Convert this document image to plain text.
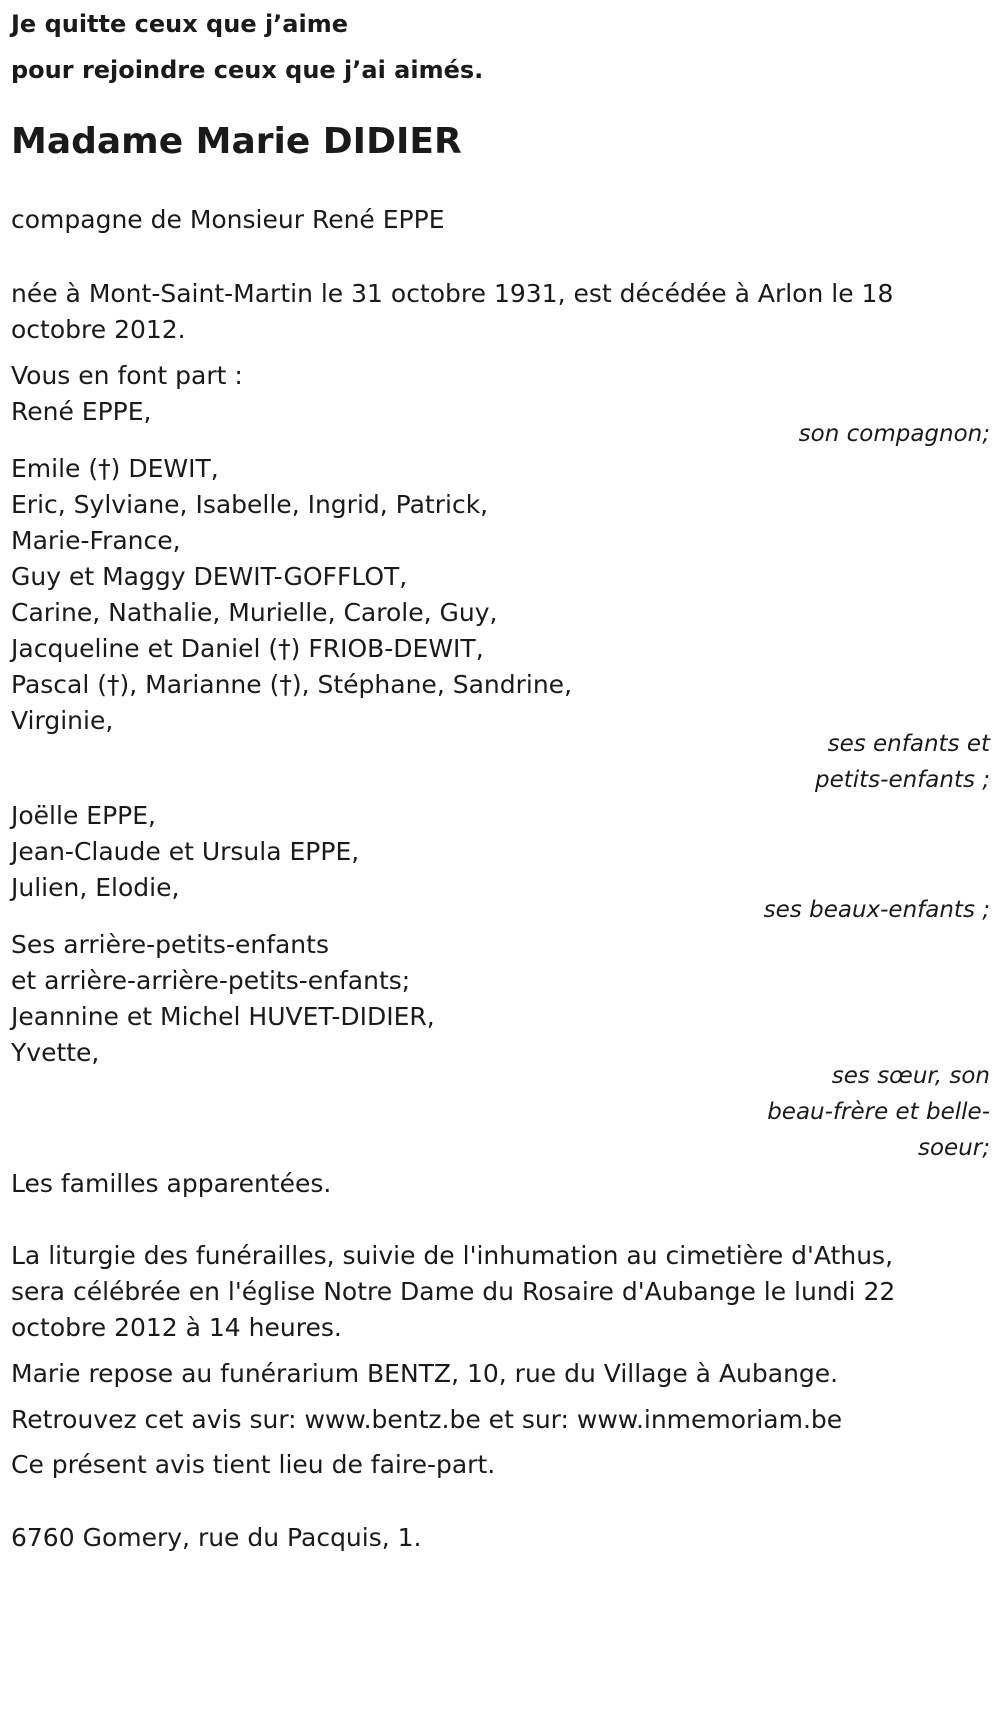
Je quitte ceux que j’aime

pour rejoindre ceux que j’ai aimés.

Madame Marie DIDIER

compagne de Monsieur René EPPE

née à Mont-Saint-Martin le 31 octobre 1931, est décédée à Arlon le 18

octobre 2012.

Vous en font part :

René EPPE,

son compagnon;

Emile (†) DEWIT,

Eric, Sylviane, Isabelle, Ingrid, Patrick,

Marie-France,

Guy et Maggy DEWIT-GOFFLOT,

Carine, Nathalie, Murielle, Carole, Guy,

Jacqueline et Daniel (†) FRIOB-DEWIT,

Pascal (†), Marianne (†), Stéphane, Sandrine,

Virginie,

ses enfants et

petits-enfants ;

Joëlle EPPE,

Jean-Claude et Ursula EPPE,

Julien, Elodie,

ses beaux-enfants ;

Ses arrière-petits-enfants

et arrière-arrière-petits-enfants;

Jeannine et Michel HUVET-DIDIER,

Yvette,

ses sœur, son

beau-frère et belle-

soeur;

Les familles apparentées.

La liturgie des funérailles, suivie de l'inhumation au cimetière d'Athus,

sera célébrée en l'église Notre Dame du Rosaire d'Aubange le lundi 22

octobre 2012 à 14 heures.

Marie repose au funérarium BENTZ, 10, rue du Village à Aubange.

Retrouvez cet avis sur: www.bentz.be et sur: www.inmemoriam.be

Ce présent avis tient lieu de faire-part.

6760 Gomery, rue du Pacquis, 1.
